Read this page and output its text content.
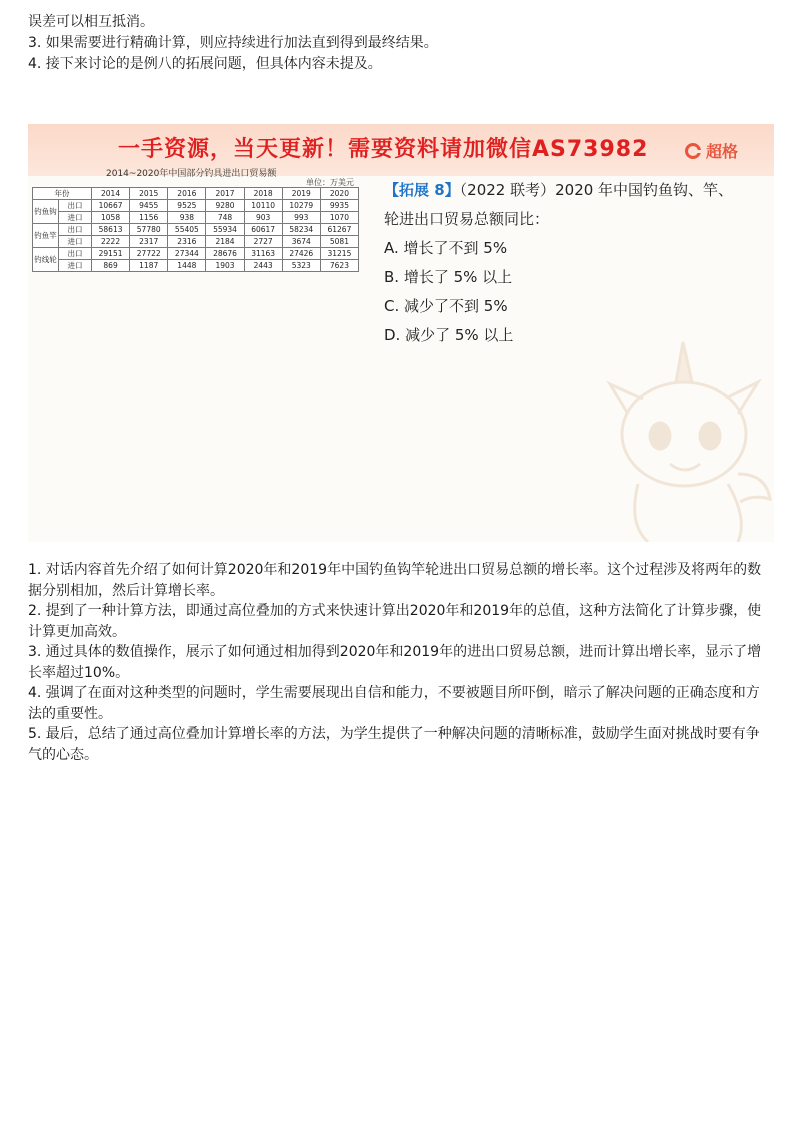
误差可以相互抵消。

3. 如果需要进行精确计算，则应持续进行加法直到得到最终结果。

4. 接下来讨论的是例八的拓展问题，但具体内容未提及。

一手资源，当天更新！需要资料请加微信AS73982	超格
2014~2020年中国部分钓具进出口贸易额
单位：万美元
年份		2014	2015	2016	2017	2018	2019	2020
钓鱼钩	出口	10667	9455	9525	9280	10110	10279	9935
	进口	1058	1156	938	748	903	993	1070
钓鱼竿	出口	58613	57780	55405	55934	60617	58234	61267
	进口	2222	2317	2316	2184	2727	3674	5081
钓线轮	出口	29151	27722	27344	28676	31163	27426	31215
	进口	869	1187	1448	1903	2443	5323	7623

【拓展 8】（2022 联考）2020 年中国钓鱼钩、竿、

轮进出口贸易总额同比：

A. 增长了不到 5%

B. 增长了 5% 以上

C. 减少了不到 5%

D. 减少了 5% 以上

1. 对话内容首先介绍了如何计算2020年和2019年中国钓鱼钩竿轮进出口贸易总额的增长率。这个过程涉及将两年的数据分别相加，然后计算增长率。

2. 提到了一种计算方法，即通过高位叠加的方式来快速计算出2020年和2019年的总值，这种方法简化了计算步骤，使计算更加高效。

3. 通过具体的数值操作，展示了如何通过相加得到2020年和2019年的进出口贸易总额，进而计算出增长率，显示了增长率超过10%。

4. 强调了在面对这种类型的问题时，学生需要展现出自信和能力，不要被题目所吓倒，暗示了解决问题的正确态度和方法的重要性。

5. 最后，总结了通过高位叠加计算增长率的方法，为学生提供了一种解决问题的清晰标准，鼓励学生面对挑战时要有争气的心态。
